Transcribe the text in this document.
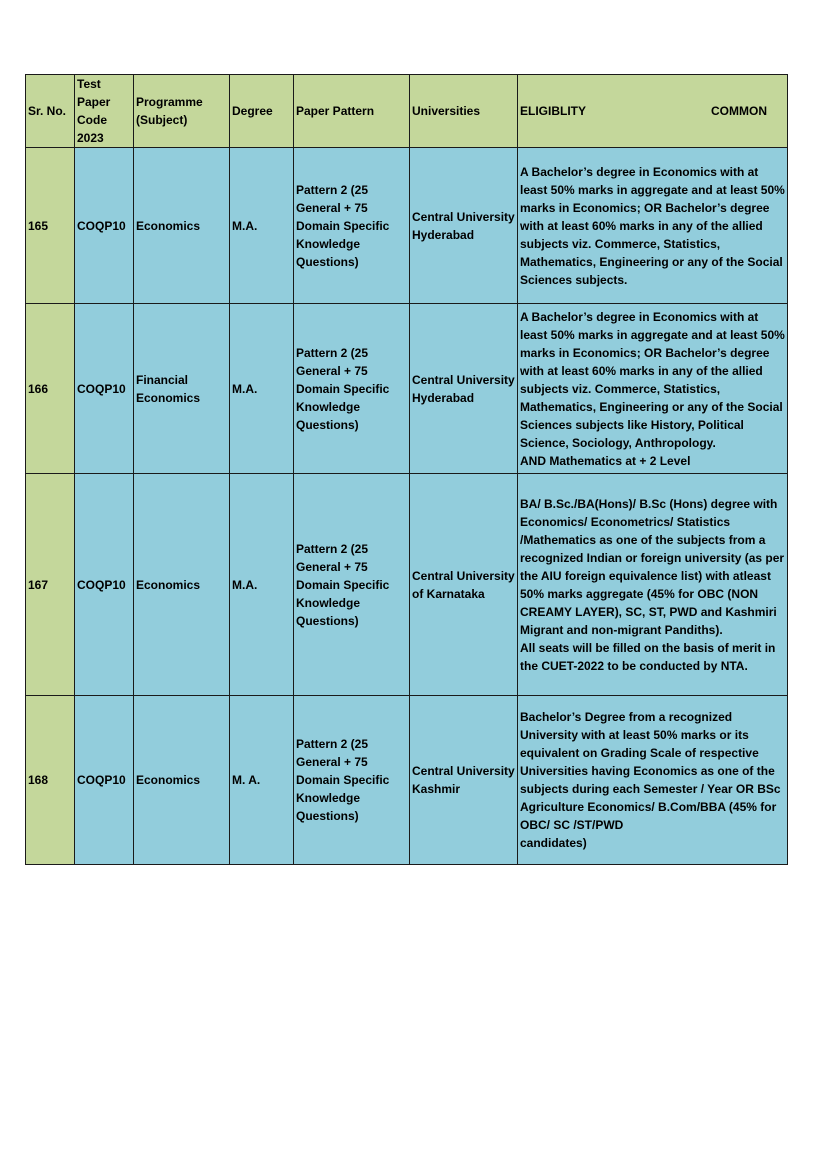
Sr. No.	Test Paper Code 2023	Programme (Subject)	Degree	Paper Pattern	Universities	ELIGIBLITY COMMON

165	COQP10	Economics	M.A.	Pattern 2 (25 General + 75 Domain Specific Knowledge Questions)	Central University Hyderabad	A Bachelor’s degree in Economics with at least 50% marks in aggregate and at least 50% marks in Economics; OR Bachelor’s degree with at least 60% marks in any of the allied subjects viz. Commerce, Statistics, Mathematics, Engineering or any of the Social Sciences subjects.

166	COQP10	Financial Economics	M.A.	Pattern 2 (25 General + 75 Domain Specific Knowledge Questions)	Central University Hyderabad	A Bachelor’s degree in Economics with at least 50% marks in aggregate and at least 50% marks in Economics; OR Bachelor’s degree with at least 60% marks in any of the allied subjects viz. Commerce, Statistics, Mathematics, Engineering or any of the Social Sciences subjects like History, Political Science, Sociology, Anthropology.
AND Mathematics at + 2 Level

167	COQP10	Economics	M.A.	Pattern 2 (25 General + 75 Domain Specific Knowledge Questions)	Central University of Karnataka	BA/ B.Sc./BA(Hons)/ B.Sc (Hons) degree with Economics/ Econometrics/ Statistics /Mathematics as one of the subjects from a recognized Indian or foreign university (as per the AIU foreign equivalence list) with atleast 50% marks aggregate (45% for OBC (NON CREAMY LAYER), SC, ST, PWD and Kashmiri Migrant and non-migrant Pandiths).
All seats will be filled on the basis of merit in the CUET-2022 to be conducted by NTA.

168	COQP10	Economics	M. A.	Pattern 2 (25 General + 75 Domain Specific Knowledge Questions)	Central University Kashmir	Bachelor’s Degree from a recognized University with at least 50% marks or its equivalent on Grading Scale of respective Universities having Economics as one of the subjects during each Semester / Year OR BSc Agriculture Economics/ B.Com/BBA (45% for OBC/ SC /ST/PWD
candidates)
